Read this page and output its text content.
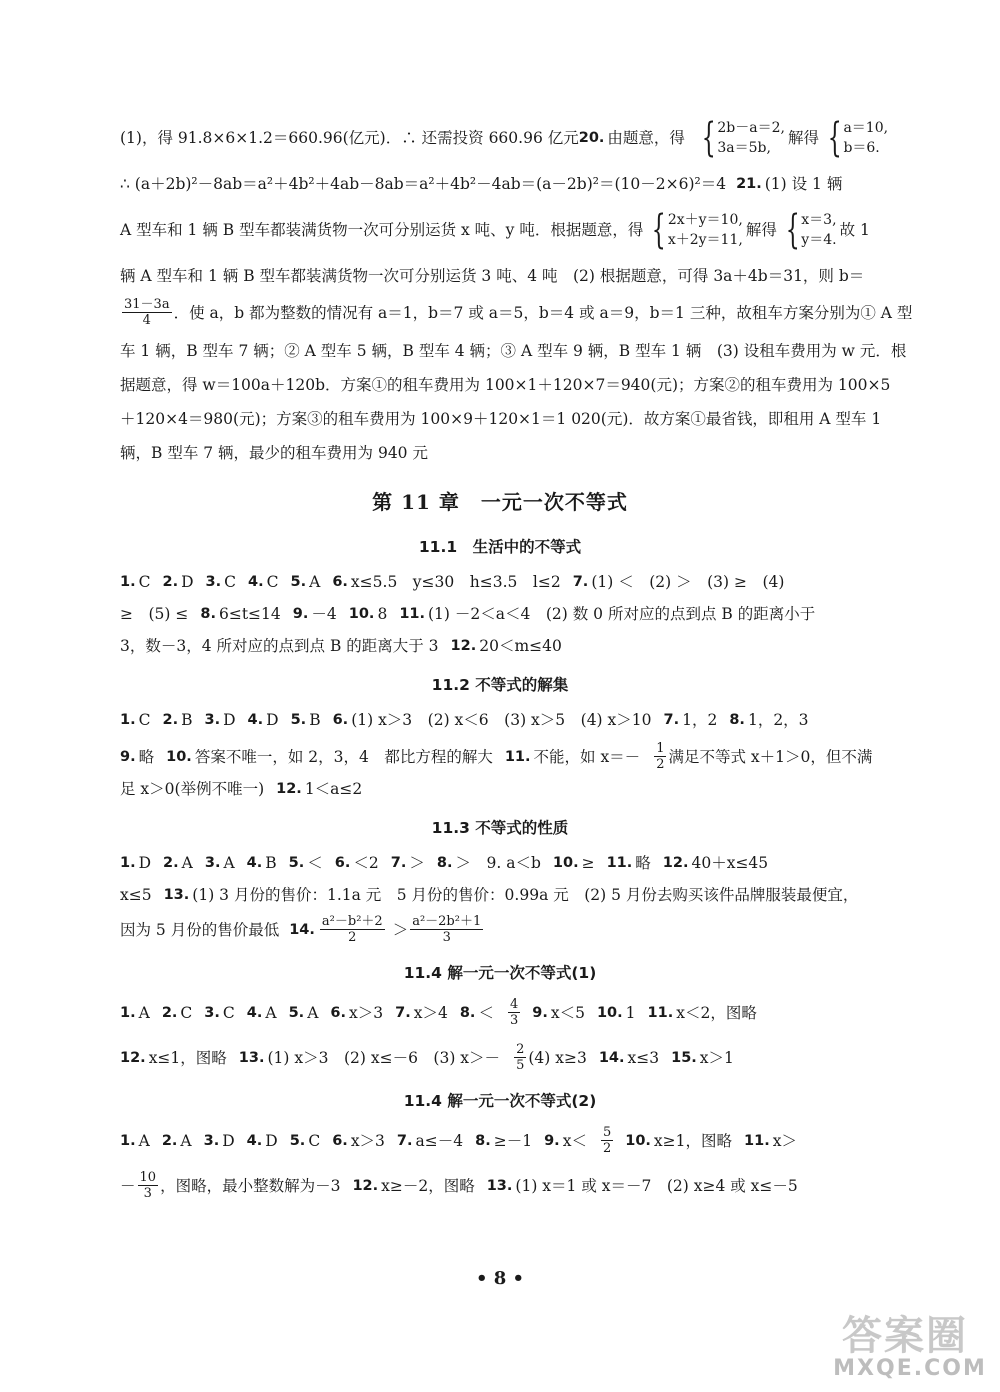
(1)，得 91.8×6×1.2＝660.96(亿元)．∴ 还需投资 660.96 亿元 20. 由题意，得 { 2b－a＝2,
3a＝5b,
解得 { a＝10,
b＝6.
∴ (a＋2b)²－8ab＝a²＋4b²＋4ab－8ab＝a²＋4b²－4ab＝(a－2b)²＝(10－2×6)²＝4 21. (1) 设 1 辆
A 型车和 1 辆 B 型车都装满货物一次可分别运货 x 吨、y 吨．根据题意，得 { 2x＋y＝10,
x＋2y＝11,
解得 { x＝3,
y＝4.
故 1
辆 A 型车和 1 辆 B 型车都装满货物一次可分别运货 3 吨、4 吨　(2) 根据题意，可得 3a＋4b＝31，则 b＝
$\frac{31-3a}{4}$ ．使 a，b 都为整数的情况有 a＝1，b＝7 或 a＝5，b＝4 或 a＝9，b＝1 三种，故租车方案分别为① A 型
车 1 辆，B 型车 7 辆；② A 型车 5 辆，B 型车 4 辆；③ A 型车 9 辆，B 型车 1 辆　(3) 设租车费用为 w 元．根
据题意，得 w＝100a＋120b．方案①的租车费用为 100×1＋120×7＝940(元)；方案②的租车费用为 100×5
＋120×4＝980(元)；方案③的租车费用为 100×9＋120×1＝1 020(元)．故方案①最省钱，即租用 A 型车 1
辆，B 型车 7 辆，最少的租车费用为 940 元
第 11 章　一元一次不等式
11.1　生活中的不等式
1. C 2. D 3. C 4. C 5. A 6. x≤5.5　y≤30　h≤3.5　l≤2 7. (1) ＜　(2) ＞　(3) ≥　(4)
≥　(5) ≤ 8. 6≤t≤14 9. －4 10. 8 11. (1) －2＜a＜4　(2) 数 0 所对应的点到点 B 的距离小于
3，数－3，4 所对应的点到点 B 的距离大于 3 12. 20＜m≤40
11.2 不等式的解集
1. C 2. B 3. D 4. D 5. B 6. (1) x＞3　(2) x＜6　(3) x＞5　(4) x＞10 7. 1，2 8. 1，2，3
9. 略 10. 答案不唯一，如 2，3，4　都比方程的解大 11. 不能，如 $x=- \frac{1}{2}$ 满足不等式 x＋1＞0，但不满
足 x＞0(举例不唯一) 12. 1＜a≤2
11.3 不等式的性质
1. D 2. A 3. A 4. B 5. ＜ 6. ＜2 7. ＞ 8. ＞　9. a＜b 10. ≥ 11. 略 12. 40＋x≤45
x≤5 13. (1) 3 月份的售价：1.1a 元　5 月份的售价：0.99a 元　(2) 5 月份去购买该件品牌服装最便宜，
因为 5 月份的售价最低 14. $\frac{\text{a²－b²＋2}}{2} > \frac{\text{a²－2b²＋1}}{3}$
11.4 解一元一次不等式(1)
1. A 2. C 3. C 4. A 5. A 6. x＞3 7. x＞4 8. ＜ $\frac{4}{3} 9$. x＜5 10. 1 11. x＜2，图略
12. x≤1，图略 13. (1) x＞3　(2) x≤－6　(3) $x>- \frac{2}{5} (4)$ x≥3 14. x≤3 15. x＞1
11.4 解一元一次不等式(2)
1. A 2. A 3. D 4. D 5. C 6. x＞3 7. a≤－4 8. ≥－1 9. $x< \frac{5}{2} 10$. x≥1，图略 11. x＞
－ $\frac{10}{3}$ ，图略，最小整数解为－3 12. x≥－2，图略 13. (1) x＝1 或 x＝－7　(2) x≥4 或 x≤－5
• 8 •
答案圈
MXQE.COM
